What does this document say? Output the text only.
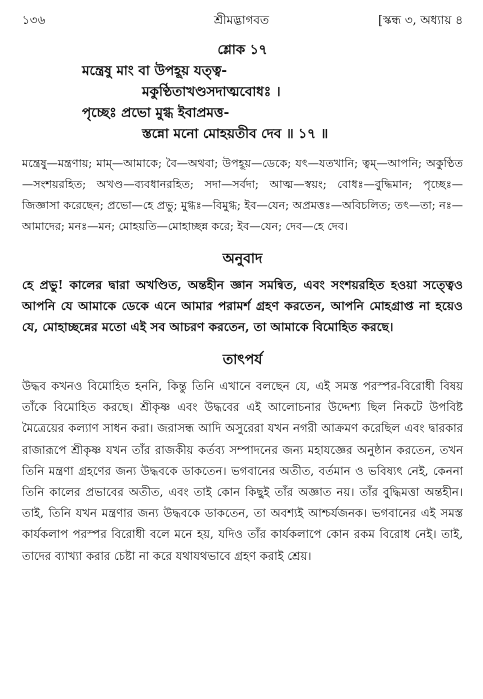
১৩৬	[স্কন্ধ ৩, অধ্যায় ৪
শ্রীমদ্ভাগবত
শ্লোক ১৭
মন্ত্রেষু মাং বা উপহূয় যত্ত্ব-
মকুণ্ঠিতাখণ্ডসদাত্মবোধঃ ।
পৃচ্ছেঃ প্রভো মুগ্ধ ইবাপ্রমত্ত-
স্তন্নো মনো মোহয়তীব দেব ॥ ১৭ ॥
মন্ত্রেষু—মন্ত্রণায়; মাম্—আমাকে; বৈ—অথবা; উপহূয়—ডেকে; যৎ—যতখানি; ত্বম্—আপনি; অকুণ্ঠিত—সংশয়রহিত; অখণ্ড—ব্যবধানরহিত; সদা—সর্বদা; আত্ম—স্বয়ং; বোধঃ—বুদ্ধিমান; পৃচ্ছেঃ—জিজ্ঞাসা করেছেন; প্রভো—হে প্রভু; মুগ্ধঃ—বিমুগ্ধ; ইব—যেন; অপ্রমত্তঃ—অবিচলিত; তৎ—তা; নঃ—আমাদের; মনঃ—মন; মোহয়তি—মোহাচ্ছন্ন করে; ইব—যেন; দেব—হে দেব।
অনুবাদ
হে প্রভু! কালের দ্বারা অখণ্ডিত, অন্তহীন জ্ঞান সমন্বিত, এবং সংশয়রহিত হওয়া সত্ত্বেও আপনি যে আমাকে ডেকে এনে আমার পরামর্শ গ্রহণ করতেন, আপনি মোহগ্রাপ্ত না হয়েও যে, মোহাচ্ছন্নের মতো এই সব আচরণ করতেন, তা আমাকে বিমোহিত করছে।
তাৎপর্য
উদ্ধব কখনও বিমোহিত হননি, কিন্তু তিনি এখানে বলছেন যে, এই সমস্ত পরস্পর-বিরোধী বিষয় তাঁকে বিমোহিত করছে। শ্রীকৃষ্ণ এবং উদ্ধবের এই আলোচনার উদ্দেশ্য ছিল নিকটে উপবিষ্ট মৈত্রেয়ের কল্যাণ সাধন করা। জরাসন্ধ আদি অসুরেরা যখন নগরী আক্রমণ করেছিল এবং দ্বারকার রাজারূপে শ্রীকৃষ্ণ যখন তাঁর রাজকীয় কর্তব্য সম্পাদনের জন্য মহাযজ্ঞের অনুষ্ঠান করতেন, তখন তিনি মন্ত্রণা গ্রহণের জন্য উদ্ধবকে ডাকতেন। ভগবানের অতীত, বর্তমান ও ভবিষ্যৎ নেই, কেননা তিনি কালের প্রভাবের অতীত, এবং তাই কোন কিছুই তাঁর অজ্ঞাত নয়। তাঁর বুদ্ধিমত্তা অন্তহীন। তাই, তিনি যখন মন্ত্রণার জন্য উদ্ধবকে ডাকতেন, তা অবশ্যই আশ্চর্যজনক। ভগবানের এই সমস্ত কার্যকলাপ পরস্পর বিরোধী বলে মনে হয়, যদিও তাঁর কার্যকলাপে কোন রকম বিরোধ নেই। তাই, তাদের ব্যাখ্যা করার চেষ্টা না করে যথাযথভাবে গ্রহণ করাই শ্রেয়।
